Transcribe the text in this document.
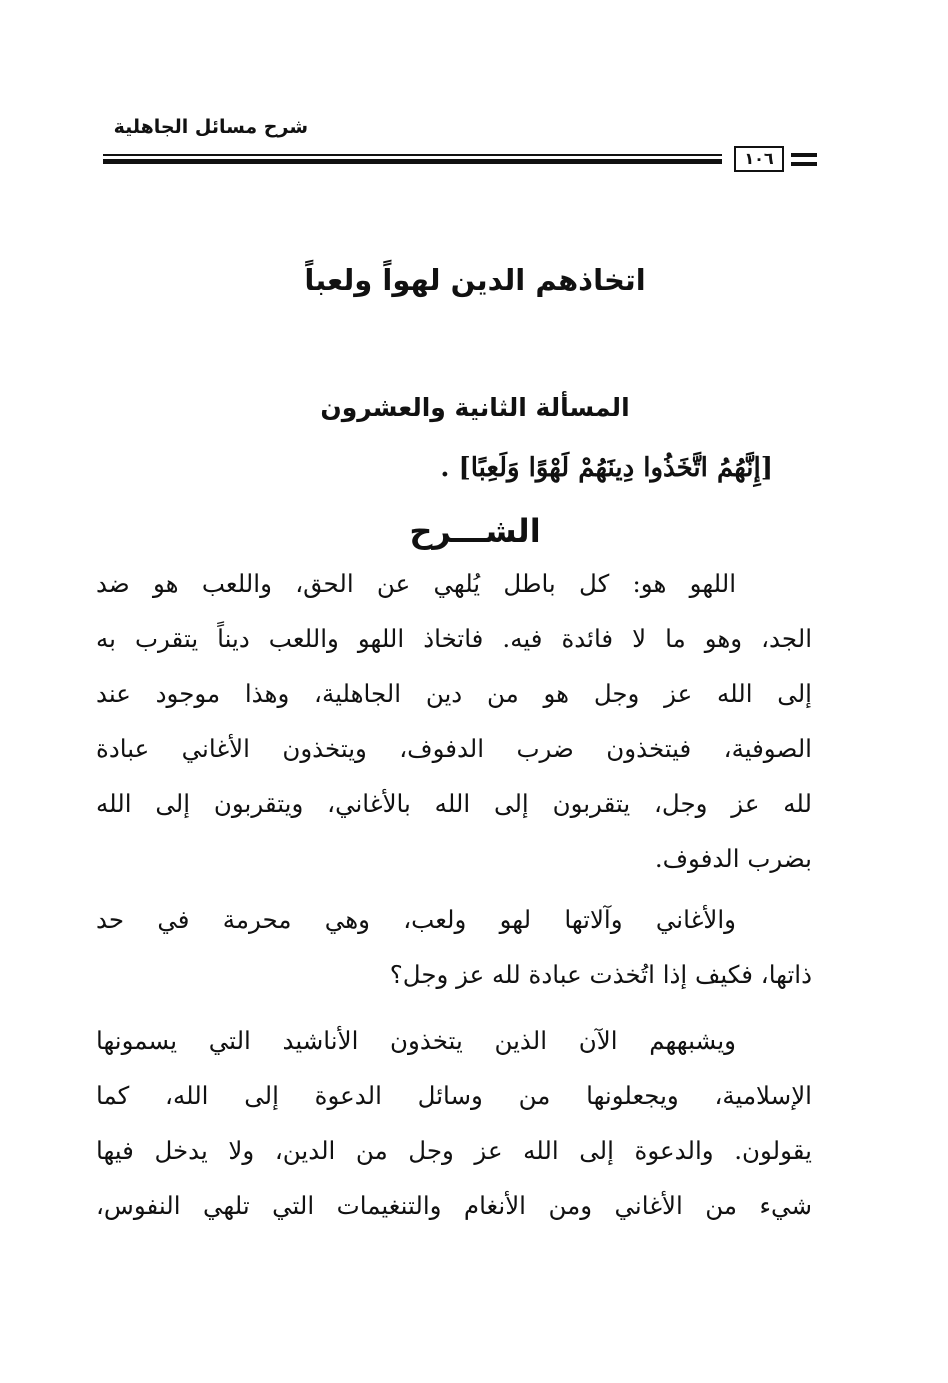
شرح مسائل الجاهلية
١٠٦
اتخاذهم الدين لهواً ولعباً
المسألة الثانية والعشرون
[إِنَّهُمُ اتَّخَذُوا دِينَهُمْ لَهْوًا وَلَعِبًا] .
الشـــرح
اللهو هو: كل باطل يُلهي عن الحق، واللعب هو ضد
الجد، وهو ما لا فائدة فيه. فاتخاذ اللهو واللعب ديناً يتقرب به
إلى الله عز وجل هو من دين الجاهلية، وهذا موجود عند
الصوفية، فيتخذون ضرب الدفوف، ويتخذون الأغاني عبادة
لله عز وجل، يتقربون إلى الله بالأغاني، ويتقربون إلى الله
بضرب الدفوف.
والأغاني وآلاتها لهو ولعب، وهي محرمة في حد
ذاتها، فكيف إذا اتُخذت عبادة لله عز وجل؟
ويشبههم الآن الذين يتخذون الأناشيد التي يسمونها
الإسلامية، ويجعلونها من وسائل الدعوة إلى الله، كما
يقولون. والدعوة إلى الله عز وجل من الدين، ولا يدخل فيها
شيء من الأغاني ومن الأنغام والتنغيمات التي تلهي النفوس،
